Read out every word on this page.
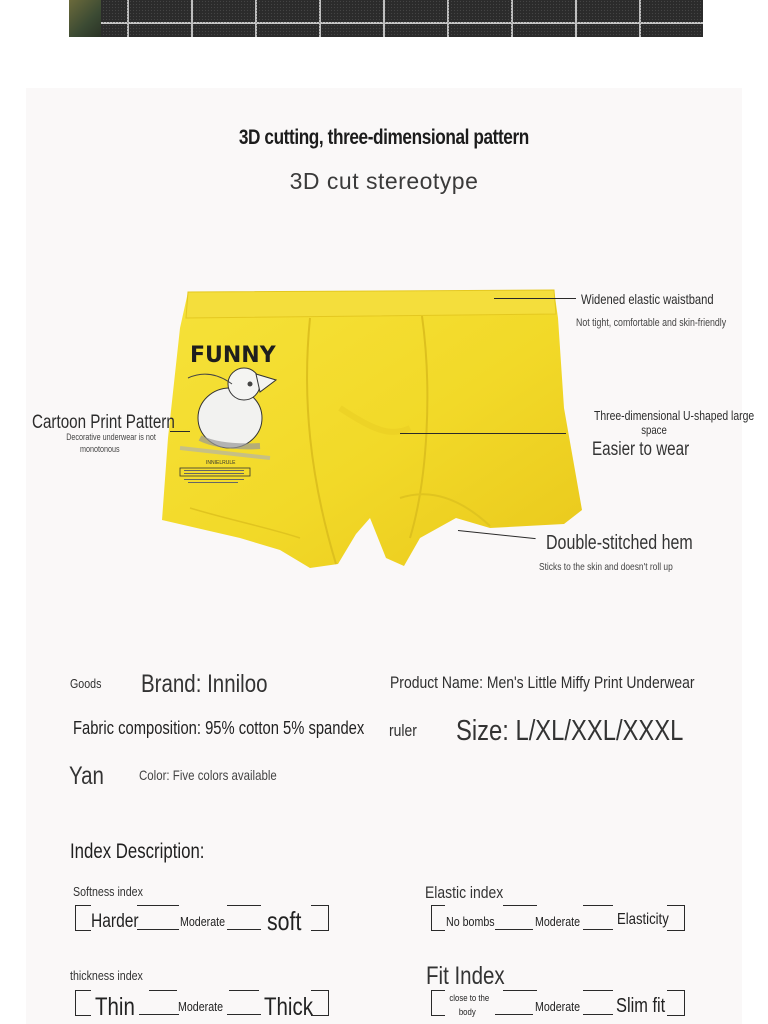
3D cutting, three-dimensional pattern
3D cut stereotype
FUNNY
INNIELRULE
Widened elastic waistband
Not tight, comfortable and skin-friendly
Cartoon Print Pattern
Decorative underwear is not
monotonous
Three-dimensional U-shaped large
space
Easier to wear
Double-stitched hem
Sticks to the skin and doesn't roll up
Goods Brand: Inniloo	Product Name: Men's Little Miffy Print Underwear
Fabric composition: 95% cotton 5% spandex	ruler Size: L/XL/XXL/XXXL
Yan	Color: Five colors available
Index Description:
Softness index
Harder	Moderate	soft
Elastic index
No bombs	Moderate	Elasticity
thickness index
Thin	Moderate	Thick
Fit Index
close to the
body	Moderate	Slim fit
